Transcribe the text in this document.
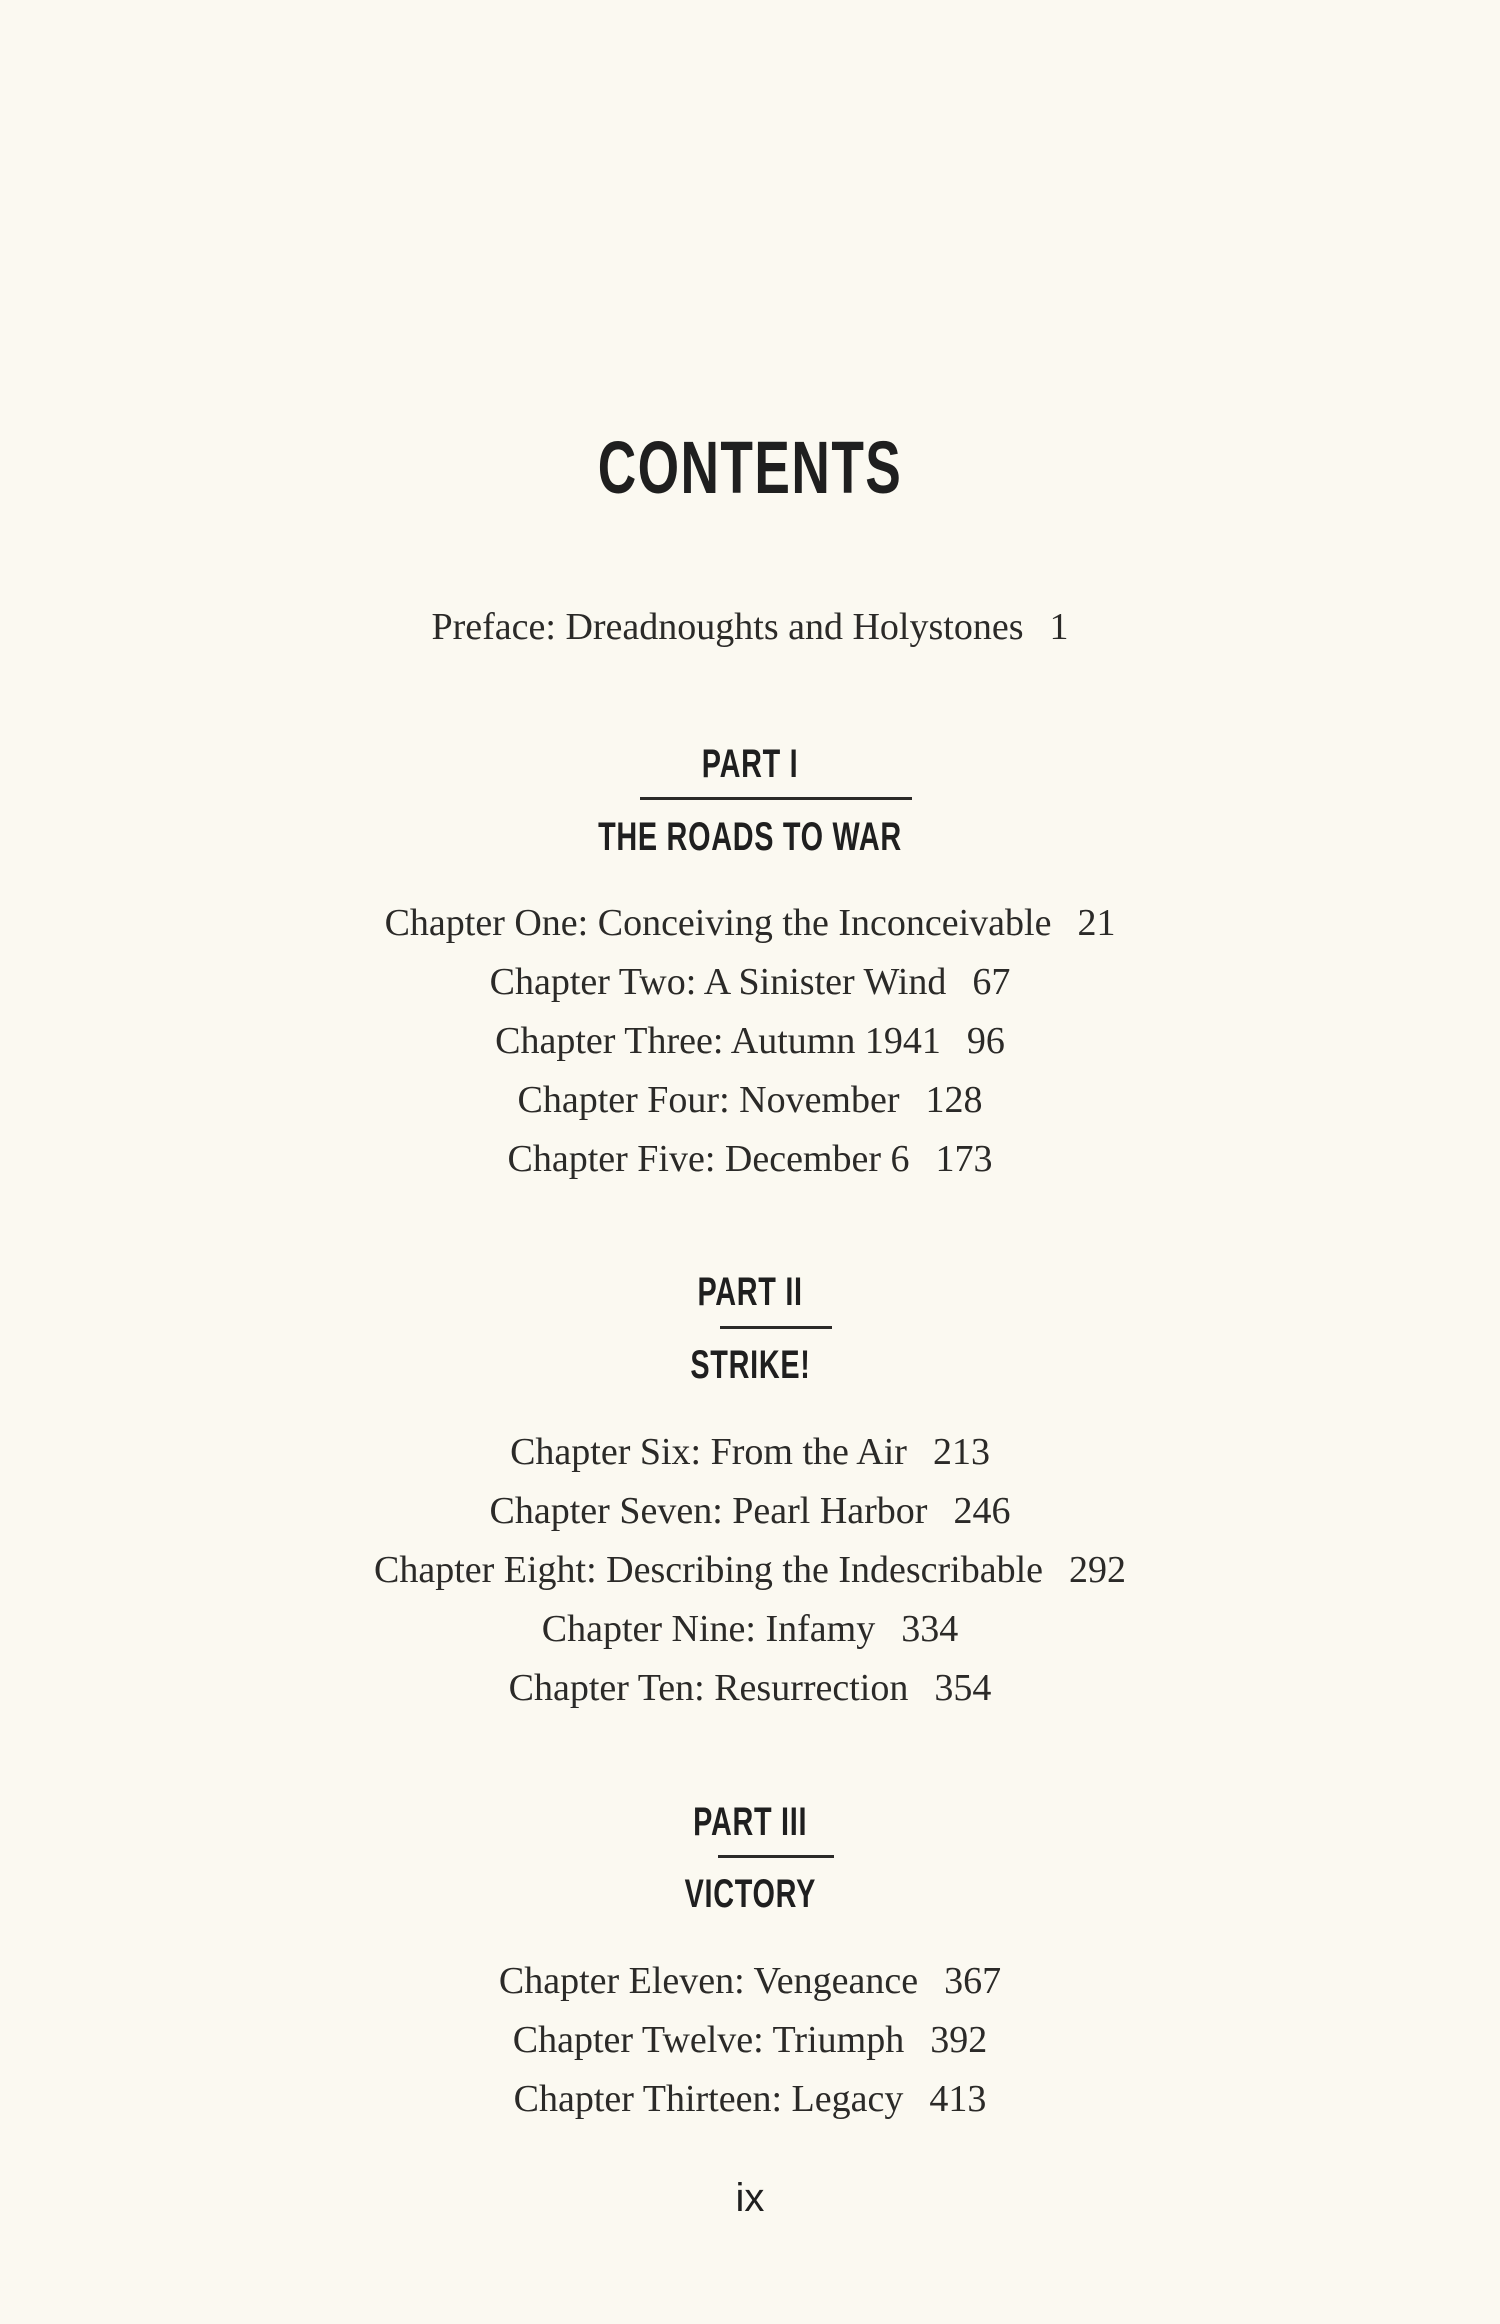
CONTENTS
Preface: Dreadnoughts and Holystones 1
PART I
THE ROADS TO WAR
Chapter One: Conceiving the Inconceivable 21
Chapter Two: A Sinister Wind 67
Chapter Three: Autumn 1941 96
Chapter Four: November 128
Chapter Five: December 6 173
PART II
STRIKE!
Chapter Six: From the Air 213
Chapter Seven: Pearl Harbor 246
Chapter Eight: Describing the Indescribable 292
Chapter Nine: Infamy 334
Chapter Ten: Resurrection 354
PART III
VICTORY
Chapter Eleven: Vengeance 367
Chapter Twelve: Triumph 392
Chapter Thirteen: Legacy 413
ix
